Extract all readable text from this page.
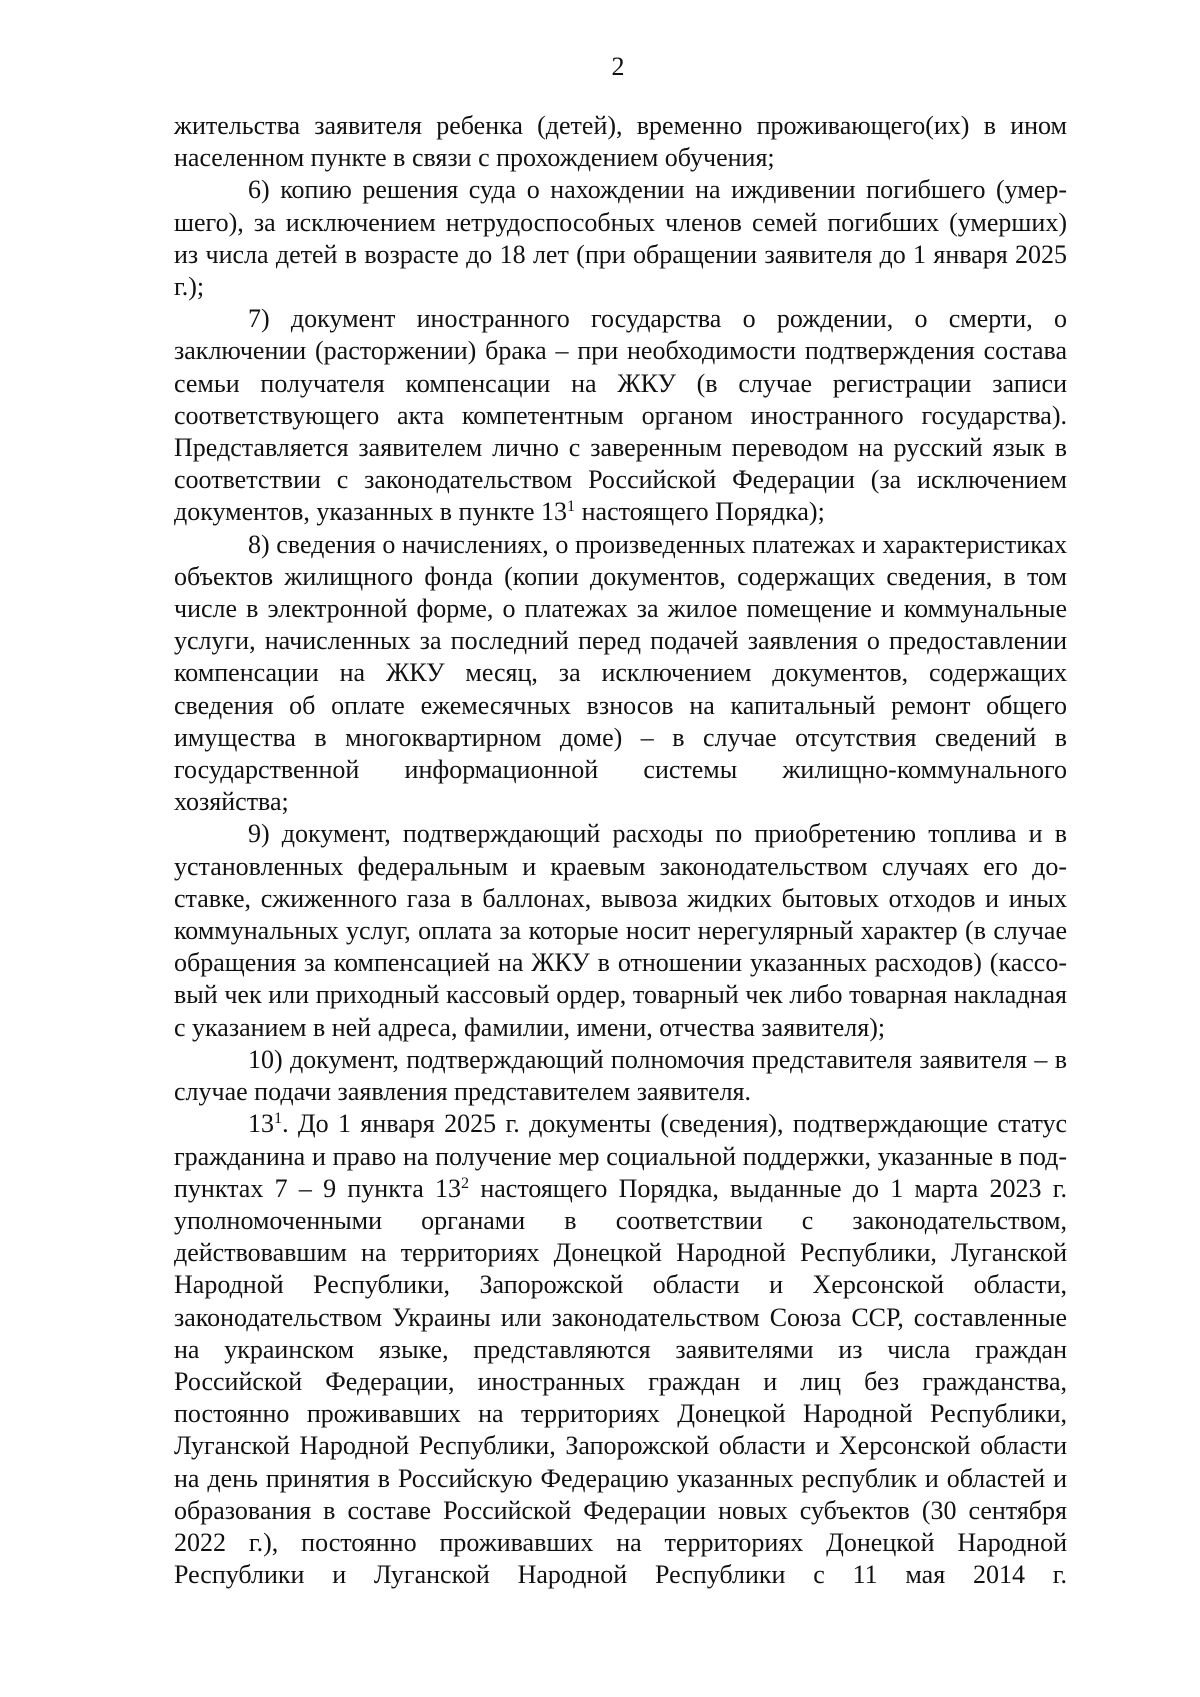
2

жительства заявителя ребенка (детей), временно проживающего(их) в ином населенном пункте в связи с прохождением обучения;

6) копию решения суда о нахождении на иждивении погибшего (умершего), за исключением нетрудоспособных членов семей погибших (умерших) из числа детей в возрасте до 18 лет (при обращении заявителя до 1 января 2025 г.);

7) документ иностранного государства о рождении, о смерти, о заключении (расторжении) брака – при необходимости подтверждения состава семьи получателя компенсации на ЖКУ (в случае регистрации записи соответствующего акта компетентным органом иностранного государства). Представляется заявителем лично с заверенным переводом на русский язык в соответствии с законодательством Российской Федерации (за исключением документов, указанных в пункте $13^1$ настоящего Порядка);

8) сведения о начислениях, о произведенных платежах и характеристиках объектов жилищного фонда (копии документов, содержащих сведения, в том числе в электронной форме, о платежах за жилое помещение и коммунальные услуги, начисленных за последний перед подачей заявления о предоставлении компенсации на ЖКУ месяц, за исключением документов, содержащих сведения об оплате ежемесячных взносов на капитальный ремонт общего имущества в многоквартирном доме) – в случае отсутствия сведений в государственной информационной системы жилищно-коммунального хозяйства;

9) документ, подтверждающий расходы по приобретению топлива и в установленных федеральным и краевым законодательством случаях его доставке, сжиженного газа в баллонах, вывоза жидких бытовых отходов и иных коммунальных услуг, оплата за которые носит нерегулярный характер (в случае обращения за компенсацией на ЖКУ в отношении указанных расходов) (кассовый чек или приходный кассовый ордер, товарный чек либо товарная накладная с указанием в ней адреса, фамилии, имени, отчества заявителя);

10) документ, подтверждающий полномочия представителя заявителя – в случае подачи заявления представителем заявителя.

$13^1$. До 1 января 2025 г. документы (сведения), подтверждающие статус гражданина и право на получение мер социальной поддержки, указанные в подпунктах 7 – 9 пункта $13^2$ настоящего Порядка, выданные до 1 марта 2023 г. уполномоченными органами в соответствии с законодательством, действовавшим на территориях Донецкой Народной Республики, Луганской Народной Республики, Запорожской области и Херсонской области, законодательством Украины или законодательством Союза ССР, составленные на украинском языке, представляются заявителями из числа граждан Российской Федерации, иностранных граждан и лиц без гражданства, постоянно проживавших на территориях Донецкой Народной Республики, Луганской Народной Республики, Запорожской области и Херсонской области на день принятия в Российскую Федерацию указанных республик и областей и образования в составе Российской Федерации новых субъектов (30 сентября 2022 г.), постоянно проживавших на территориях Донецкой Народной Республики и Луганской Народной Республики с 11 мая 2014 г.
